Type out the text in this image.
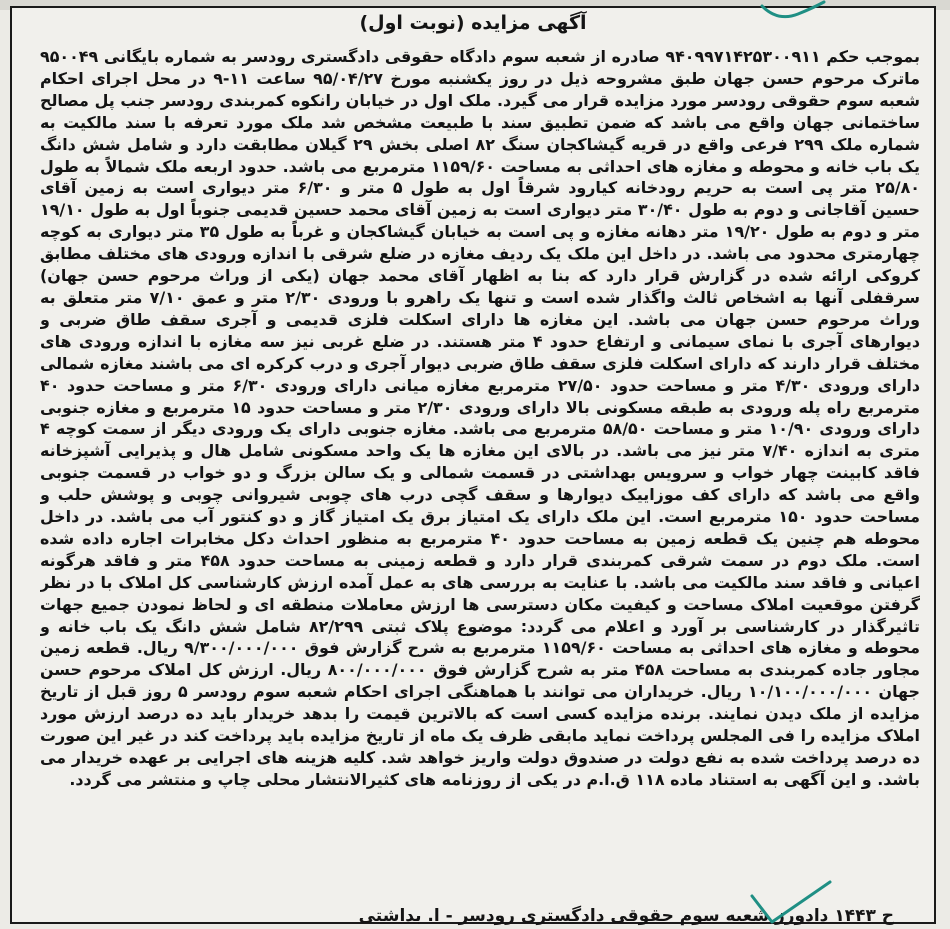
آگهی مزایده (نوبت اول)
بموجب حکم ۹۴۰۹۹۷۱۴۲۵۳۰۰۹۱۱ صادره از شعبه سوم دادگاه حقوقی دادگستری رودسر به شماره بایگانی ۹۵۰۰۴۹ ماترک مرحوم حسن جهان طبق مشروحه ذیل در روز یکشنبه مورخ ۹۵/۰۴/۲۷ ساعت ۱۱-۹ در محل اجرای احکام شعبه سوم حقوقی رودسر مورد مزایده قرار می گیرد. ملک اول در خیابان رانکوه کمربندی رودسر جنب پل مصالح ساختمانی جهان واقع می باشد که ضمن تطبیق سند با طبیعت مشخص شد ملک مورد تعرفه با سند مالکیت به شماره ملک ۲۹۹ فرعی واقع در قریه گیشاکجان سنگ ۸۲ اصلی بخش ۲۹ گیلان مطابقت دارد و شامل شش دانگ یک باب خانه و محوطه و مغازه های احداثی به مساحت ۱۱۵۹/۶۰ مترمربع می باشد. حدود اربعه ملک شمالاً به طول ۲۵/۸۰ متر پی است به حریم رودخانه کیارود شرقاً اول به طول ۵ متر و ۶/۳۰ متر دیواری است به زمین آقای حسین آقاجانی و دوم به طول ۳۰/۴۰ متر دیواری است به زمین آقای محمد حسین قدیمی جنوباً اول به طول ۱۹/۱۰ متر و دوم به طول ۱۹/۲۰ متر دهانه مغازه و پی است به خیابان گیشاکجان و غرباً به طول ۳۵ متر دیواری به کوچه چهارمتری محدود می باشد. در داخل این ملک یک ردیف مغازه در ضلع شرقی با اندازه ورودی های مختلف مطابق کروکی ارائه شده در گزارش قرار دارد که بنا به اظهار آقای محمد جهان (یکی از وراث مرحوم حسن جهان) سرقفلی آنها به اشخاص ثالث واگذار شده است و تنها یک راهرو با ورودی ۲/۳۰ متر و عمق ۷/۱۰ متر متعلق به وراث مرحوم حسن جهان می باشد. این مغازه ها دارای اسکلت فلزی قدیمی و آجری سقف طاق ضربی و دیوارهای آجری با نمای سیمانی و ارتفاع حدود ۴ متر هستند. در ضلع غربی نیز سه مغازه با اندازه ورودی های مختلف قرار دارند که دارای اسکلت فلزی سقف طاق ضربی دیوار آجری و درب کرکره ای می باشند مغازه شمالی دارای ورودی ۴/۳۰ متر و مساحت حدود ۲۷/۵۰ مترمربع مغازه میانی دارای ورودی ۶/۳۰ متر و مساحت حدود ۴۰ مترمربع راه پله ورودی به طبقه مسکونی بالا دارای ورودی ۲/۳۰ متر و مساحت حدود ۱۵ مترمربع و مغازه جنوبی دارای ورودی ۱۰/۹۰ متر و مساحت ۵۸/۵۰ مترمربع می باشد. مغازه جنوبی دارای یک ورودی دیگر از سمت کوچه ۴ متری به اندازه ۷/۴۰ متر نیز می باشد. در بالای این مغازه ها یک واحد مسکونی شامل هال و پذیرایی آشپزخانه فاقد کابینت چهار خواب و سرویس بهداشتی در قسمت شمالی و یک سالن بزرگ و دو خواب در قسمت جنوبی واقع می باشد که دارای کف موزاییک دیوارها و سقف گچی درب های چوبی شیروانی چوبی و پوشش حلب و مساحت حدود ۱۵۰ مترمربع است. این ملک دارای یک امتیاز برق یک امتیاز گاز و دو کنتور آب می باشد. در داخل محوطه هم چنین یک قطعه زمین به مساحت حدود ۴۰ مترمربع به منظور احداث دکل مخابرات اجاره داده شده است. ملک دوم در سمت شرقی کمربندی قرار دارد و قطعه زمینی به مساحت حدود ۴۵۸ متر و فاقد هرگونه اعیانی و فاقد سند مالکیت می باشد. با عنایت به بررسی های به عمل آمده ارزش کارشناسی کل املاک با در نظر گرفتن موقعیت املاک مساحت و کیفیت مکان دسترسی ها ارزش معاملات منطقه ای و لحاظ نمودن جمیع جهات تاثیرگذار در کارشناسی بر آورد و اعلام می گردد: موضوع پلاک ثبتی ۸۲/۲۹۹ شامل شش دانگ یک باب خانه و محوطه و مغازه های احداثی به مساحت ۱۱۵۹/۶۰ مترمربع به شرح گزارش فوق ۹/۳۰۰/۰۰۰/۰۰۰ ریال. قطعه زمین مجاور جاده کمربندی به مساحت ۴۵۸ متر به شرح گزارش فوق ۸۰۰/۰۰۰/۰۰۰ ریال. ارزش کل املاک مرحوم حسن جهان ۱۰/۱۰۰/۰۰۰/۰۰۰ ریال. خریداران می توانند با هماهنگی اجرای احکام شعبه سوم رودسر ۵ روز قبل از تاریخ مزایده از ملک دیدن نمایند. برنده مزایده کسی است که بالاترین قیمت را بدهد خریدار باید ده درصد ارزش مورد املاک مزایده را فی المجلس پرداخت نماید مابقی ظرف یک ماه از تاریخ مزایده باید پرداخت کند در غیر این صورت ده درصد پرداخت شده به نفع دولت در صندوق دولت واریز خواهد شد. کلیه هزینه های اجرایی بر عهده خریدار می باشد. و این آگهی به استناد ماده ۱۱۸ ق.ا.م در یکی از روزنامه های کثیرالانتشار محلی چاپ و منتشر می گردد.
ح ۱۴۴۳ دادورز شعبه سوم حقوقی دادگستری رودسر - ا. بداشتی
